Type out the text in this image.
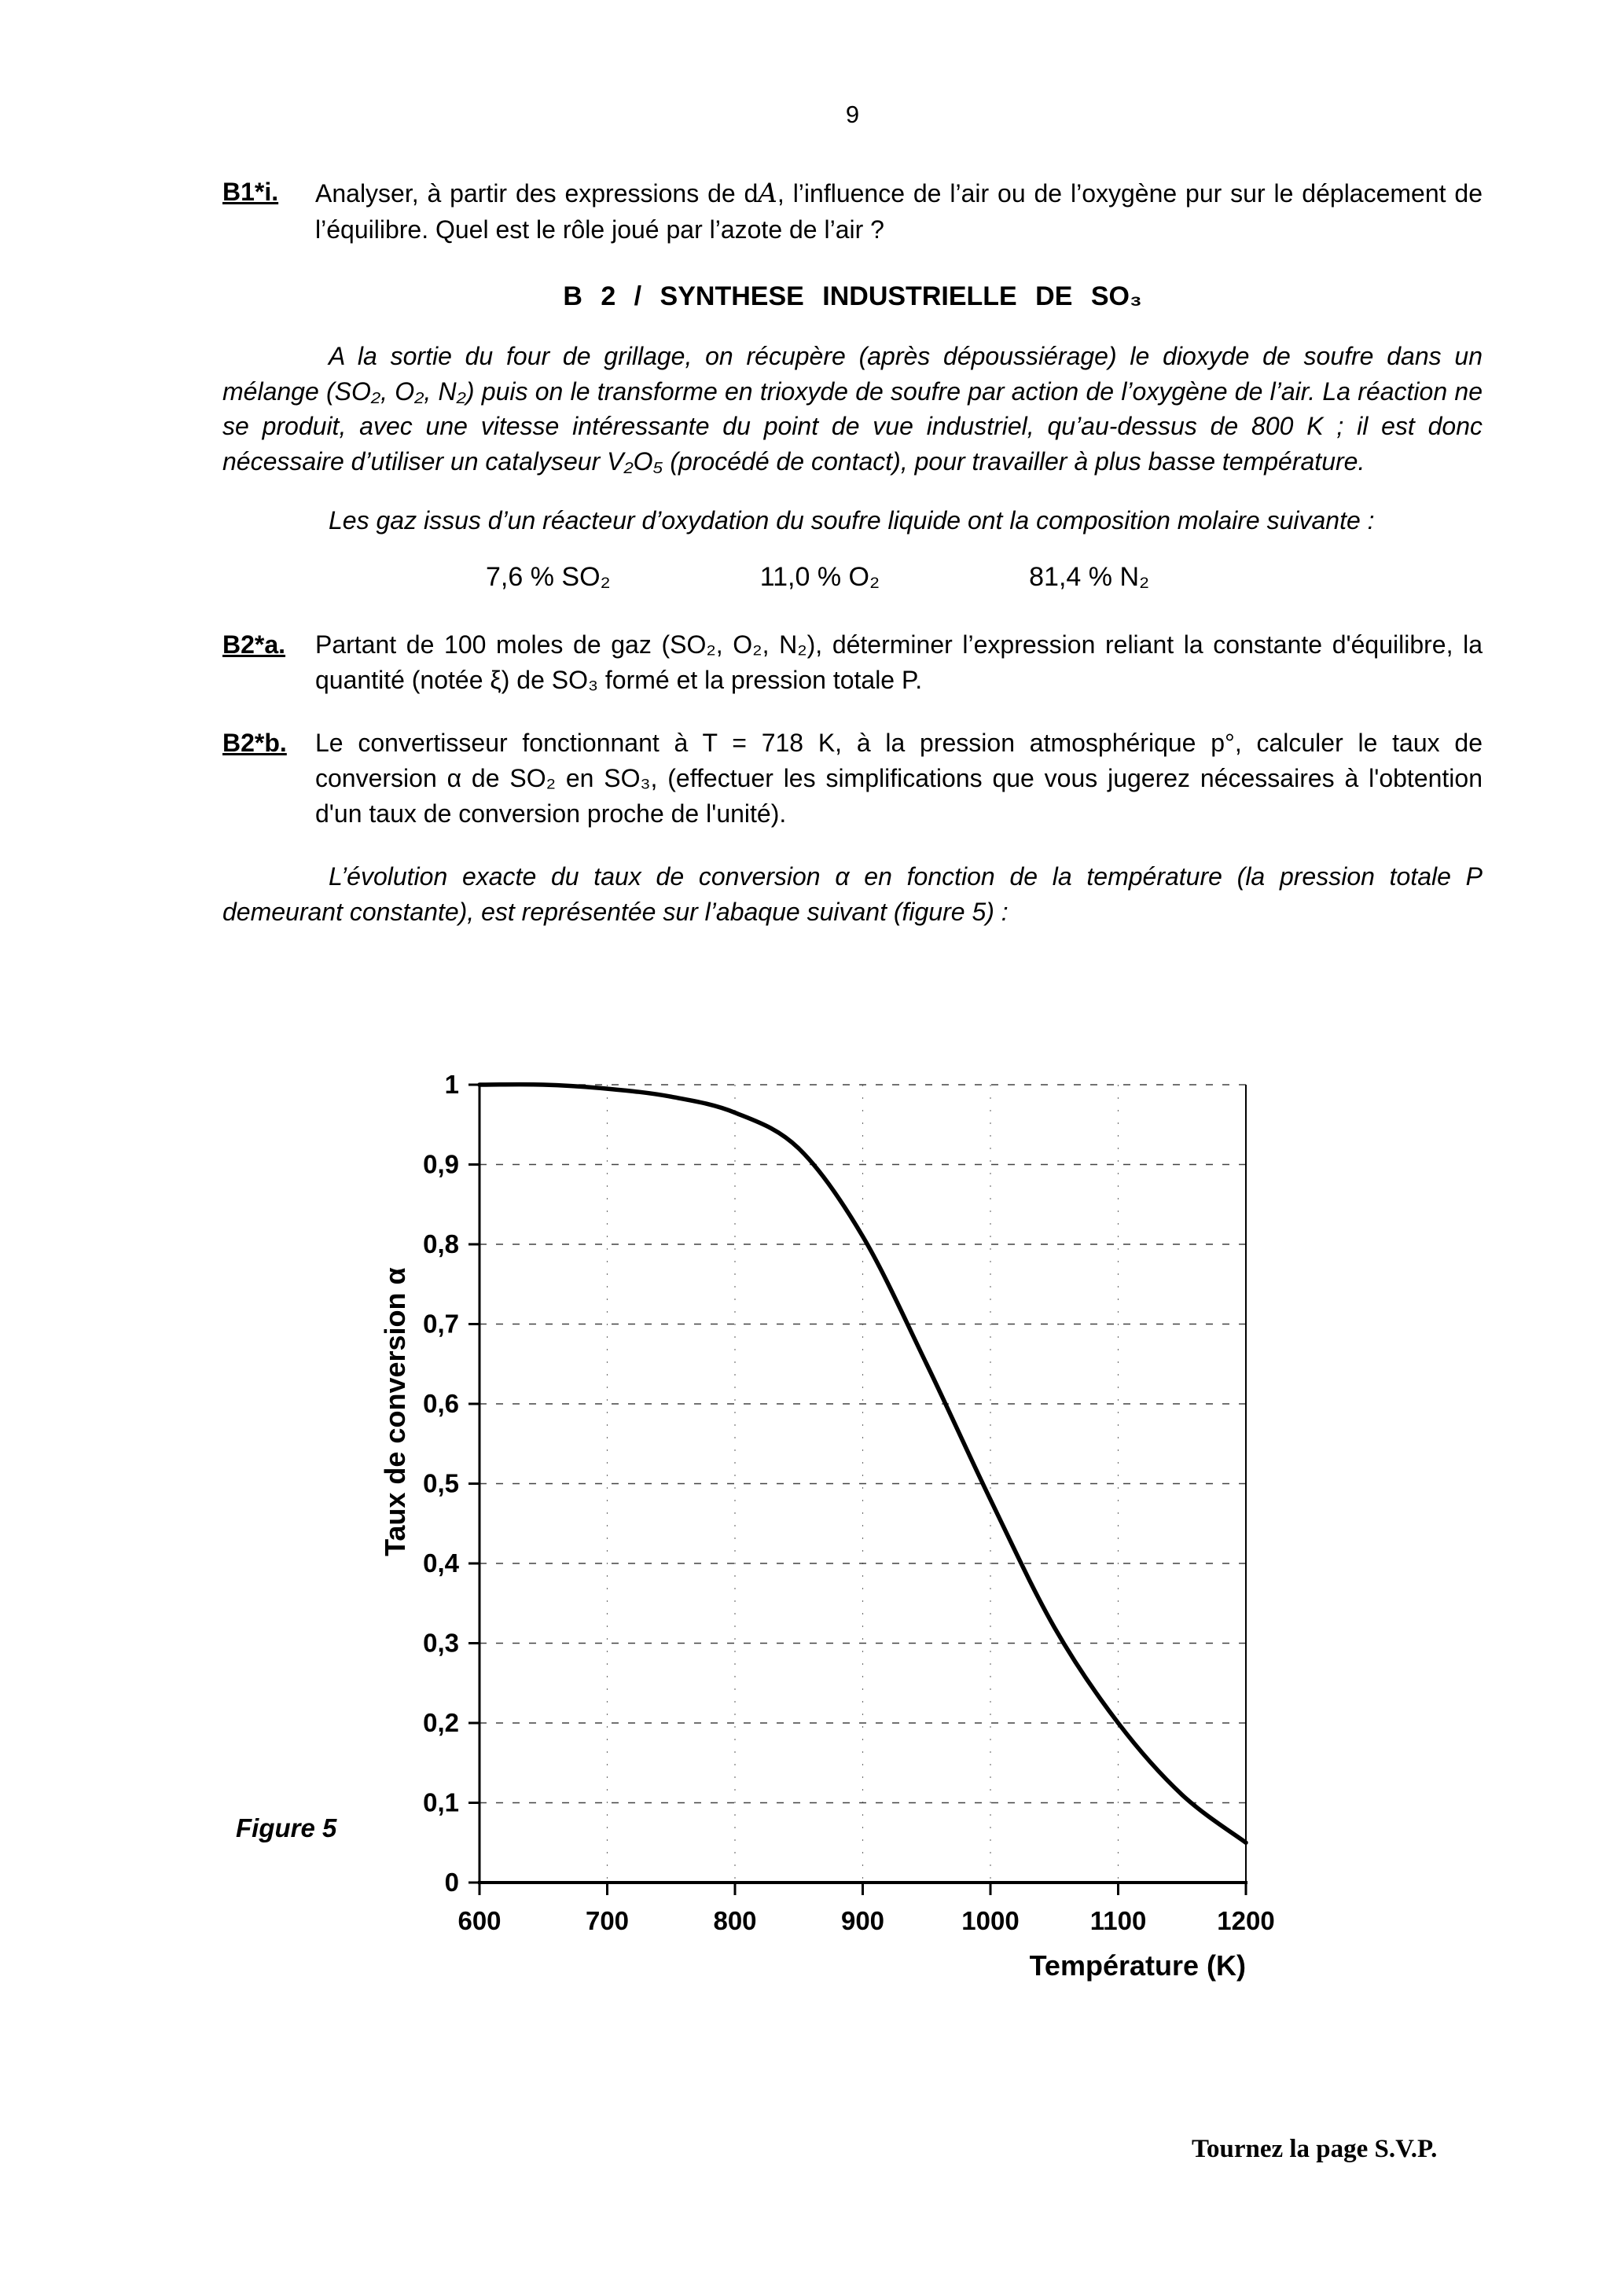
9
B1*i.	Analyser, à partir des expressions de dA, l’influence de l’air ou de l’oxygène pur sur le déplacement de l’équilibre. Quel est le rôle joué par l’azote de l’air ?

B 2 / SYNTHESE INDUSTRIELLE DE SO₃

A la sortie du four de grillage, on récupère (après dépoussiérage) le dioxyde de soufre dans un mélange (SO₂, O₂, N₂) puis on le transforme en trioxyde de soufre par action de l’oxygène de l’air. La réaction ne se produit, avec une vitesse intéressante du point de vue industriel, qu’au-dessus de 800 K ; il est donc nécessaire d’utiliser un catalyseur V₂O₅ (procédé de contact), pour travailler à plus basse température.

Les gaz issus d’un réacteur d’oxydation du soufre liquide ont la composition molaire suivante :

7,6 % SO₂	11,0 % O₂	81,4 % N₂
B2*a.	Partant de 100 moles de gaz (SO₂, O₂, N₂), déterminer l’expression reliant la constante d'équilibre, la quantité (notée ξ) de SO₃ formé et la pression totale P.

B2*b.	Le convertisseur fonctionnant à T = 718 K, à la pression atmosphérique p°, calculer le taux de conversion α de SO₂ en SO₃, (effectuer les simplifications que vous jugerez nécessaires à l'obtention d'un taux de conversion proche de l'unité).

L’évolution exacte du taux de conversion α en fonction de la température (la pression totale P demeurant constante), est représentée sur l’abaque suivant (figure 5) :

Figure 5
0
0,1
0,2
0,3
0,4
0,5
0,6
0,7
0,8
0,9
1
600	700	800	900	1000	1100	1200
Taux de conversion α
Température (K)
Tournez la page S.V.P.
